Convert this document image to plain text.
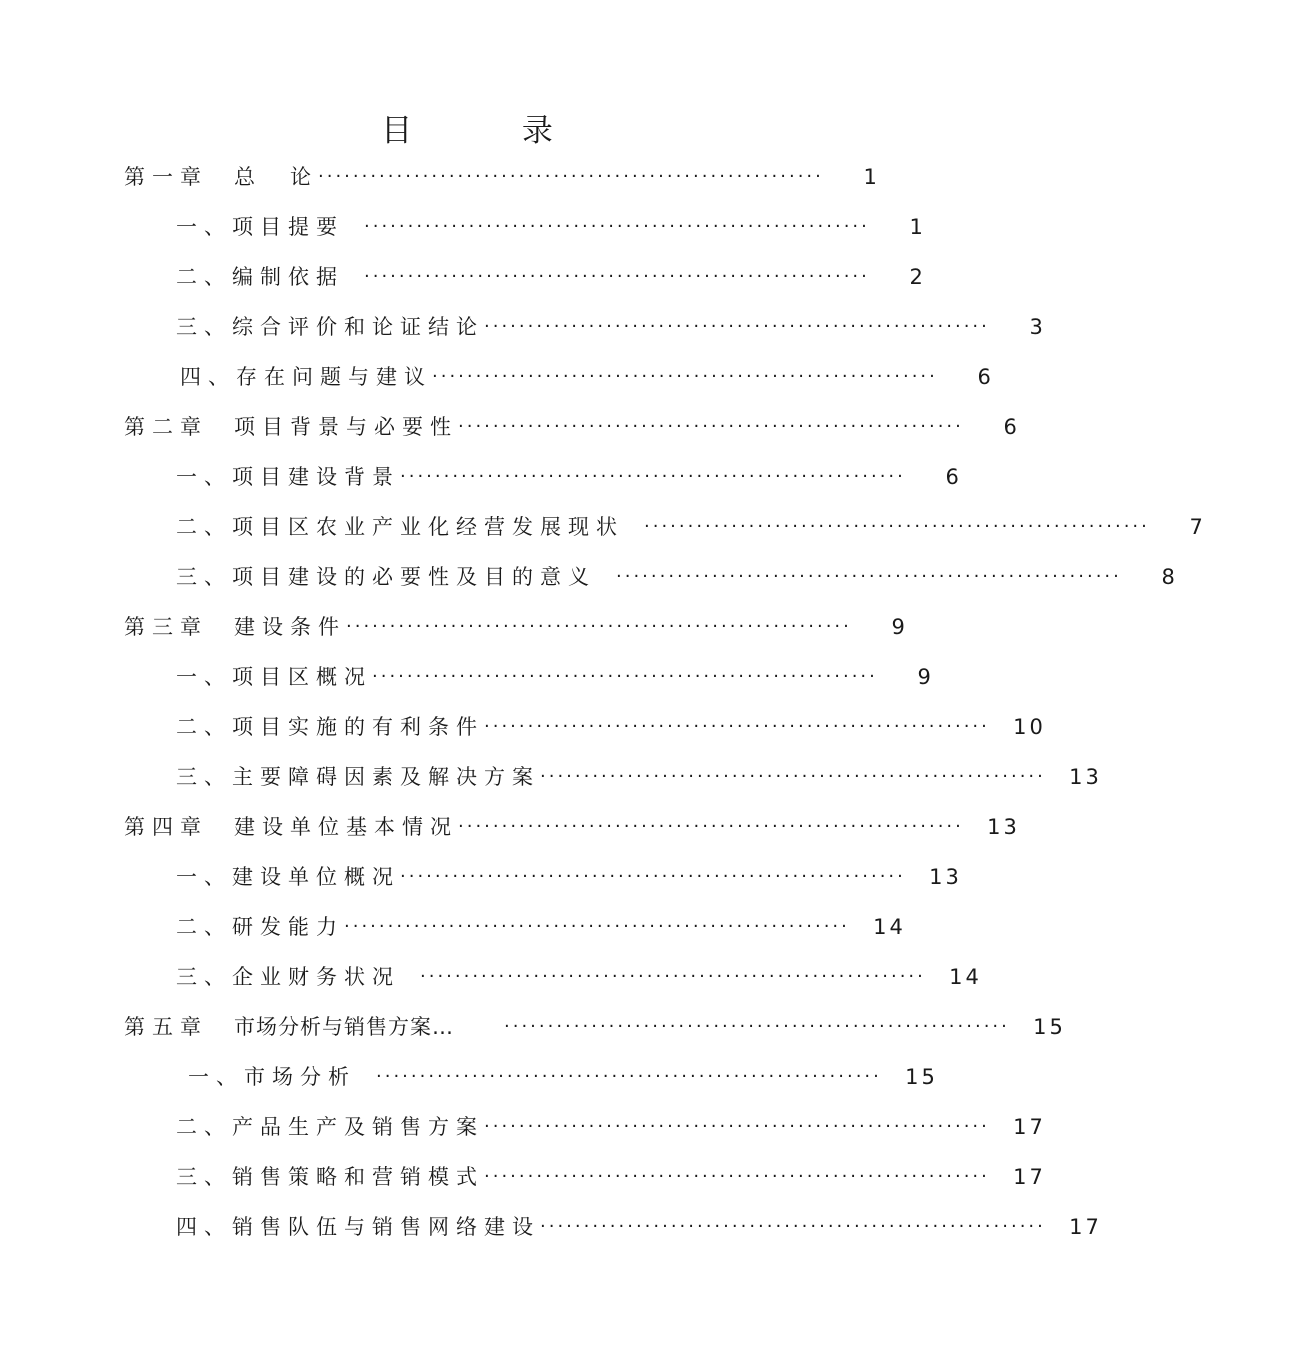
目 录
第一章 总　论 ··························································	1
一、项目提要	··························································	1
二、编制依据	··························································	2
三、综合评价和论证结论 ··························································	3
四、存在问题与建议 ··························································	6
第二章 项目背景与必要性 ··························································	6
一、项目建设背景 ··························································	6
二、项目区农业产业化经营发展现状	··························································	7
三、项目建设的必要性及目的意义	··························································	8
第三章 建设条件 ··························································	9
一、项目区概况 ··························································	9
二、项目实施的有利条件 ··························································	10
三、主要障碍因素及解决方案 ··························································	13
第四章 建设单位基本情况 ··························································	13
一、建设单位概况 ··························································	13
二、研发能力 ··························································	14
三、企业财务状况	··························································	14
第五章 市场分析与销售方案…	··························································	15
一、市场分析	··························································	15
二、产品生产及销售方案 ··························································	17
三、销售策略和营销模式 ··························································	17
四、销售队伍与销售网络建设 ··························································	17
